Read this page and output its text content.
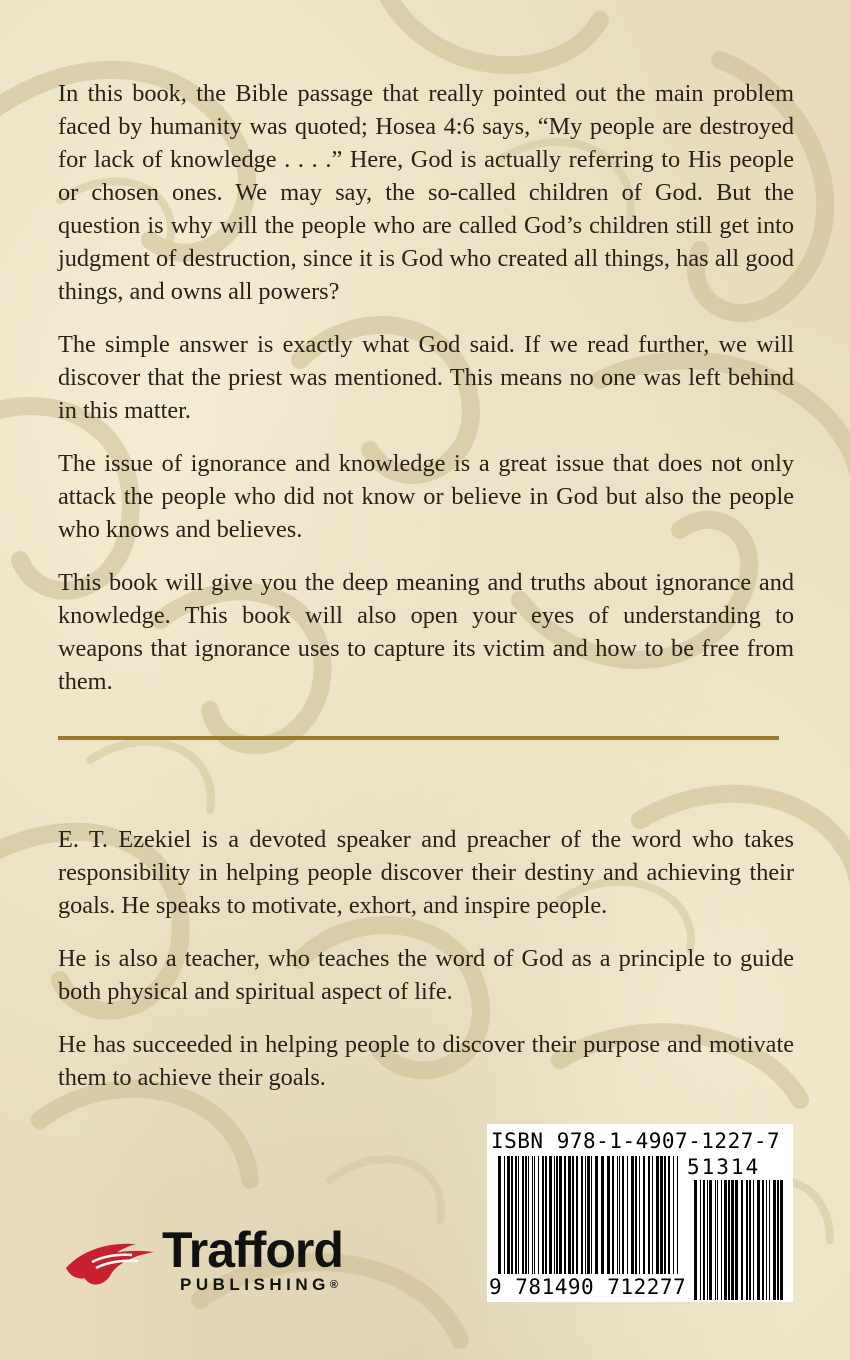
In this book, the Bible passage that really pointed out the main problem faced by humanity was quoted; Hosea 4:6 says, “My people are destroyed for lack of knowledge . . . .” Here, God is actually referring to His people or chosen ones. We may say, the so-called children of God. But the question is why will the people who are called God’s children still get into judgment of destruction, since it is God who created all things, has all good things, and owns all powers?

The simple answer is exactly what God said. If we read further, we will discover that the priest was mentioned. This means no one was left behind in this matter.

The issue of ignorance and knowledge is a great issue that does not only attack the people who did not know or believe in God but also the people who knows and believes.

This book will give you the deep meaning and truths about ignorance and knowledge. This book will also open your eyes of understanding to weapons that ignorance uses to capture its victim and how to be free from them.

E. T. Ezekiel is a devoted speaker and preacher of the word who takes responsibility in helping people discover their destiny and achieving their goals. He speaks to motivate, exhort, and inspire people.

He is also a teacher, who teaches the word of God as a principle to guide both physical and spiritual aspect of life.

He has succeeded in helping people to discover their purpose and motivate them to achieve their goals.

ISBN 978-1-4907-1227-7
51314
9 781490 712277
Trafford
PUBLISHING®
